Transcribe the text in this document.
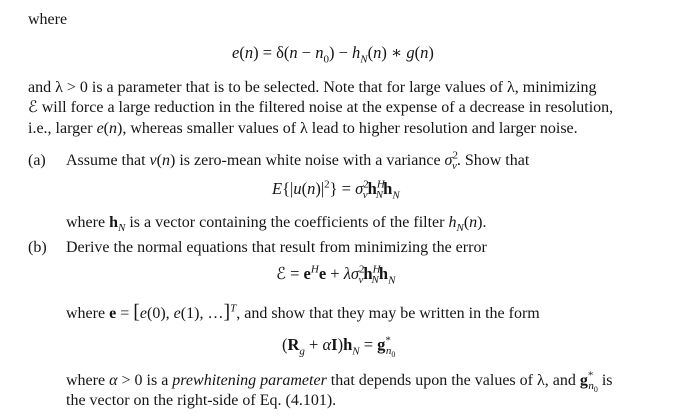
where
$e(n) = \delta(n - n_0) - h_N(n)$ ∗ g(n)
and λ > 0 is a parameter that is to be selected. Note that for large values of λ, minimizing
ℰ will force a large reduction in the filtered noise at the expense of a decrease in resolution,
i.e., larger e(n), whereas smaller values of λ lead to higher resolution and larger noise.
(a) Assume that v(n) is zero-mean white noise with a variance $\sigma^2_v$. Show that
$E\{|u(n)|^2\} = \sigma^2_vh^H_Nh_N$
where $h_N$ is a vector containing the coefficients of the filter $h_N(n)$.
(b) Derive the normal equations that result from minimizing the error
ℰ = $e^He + \lambda\sigma^2_vh^H_Nh_N$
where e = [e(0), e(1), …]$^T$, and show that they may be written in the form
$(R_g + \alpha I)h_N = g^*_{n_0}$
where α > 0 is a prewhitening parameter that depends upon the values of λ, and $g^*_{n_0}$ is
the vector on the right-side of Eq. (4.101).
